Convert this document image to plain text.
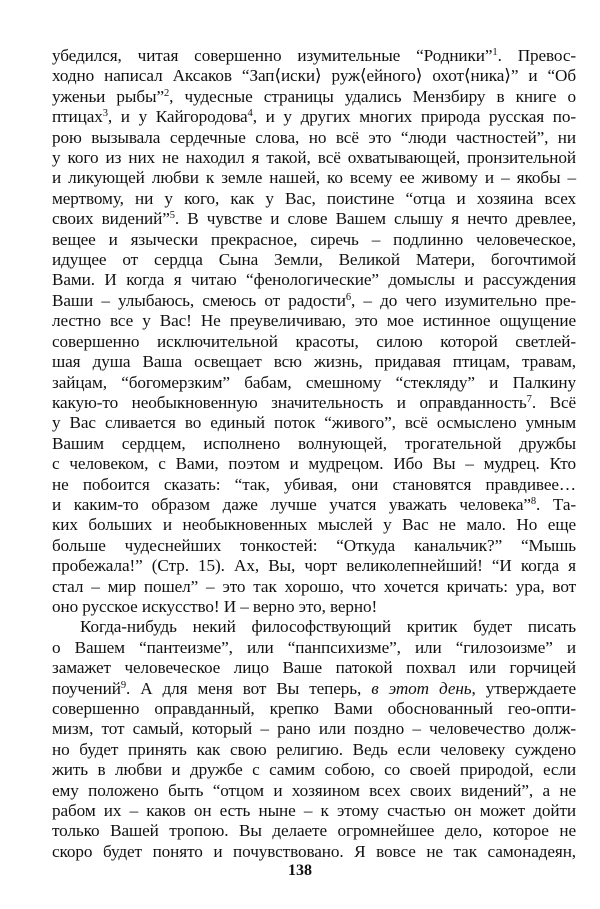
убедился, читая совершенно изумительные “Родники”$^1$. Превос-
ходно написал Аксаков “Зап⟨иски⟩ руж⟨ейного⟩ охот⟨ника⟩” и “Об
уженьи рыбы”$^2$, чудесные страницы удались Мензбиру в книге о
птицах$^3$, и у Кайгородова$^4$, и у других многих природа русская по-
рою вызывала сердечные слова, но всё это “люди частностей”, ни
у кого из них не находил я такой, всё охватывающей, пронзительной
и ликующей любви к земле нашей, ко всему ее живому и – якобы –
мертвому, ни у кого, как у Вас, поистине “отца и хозяина всех
своих видений”$^5$. В чувстве и слове Вашем слышу я нечто древлее,
вещее и язычески прекрасное, сиречь – подлинно человеческое,
идущее от сердца Сына Земли, Великой Матери, богочтимой
Вами. И когда я читаю “фенологические” домыслы и рассуждения
Ваши – улыбаюсь, смеюсь от радости$^6$, – до чего изумительно пре-
лестно все у Вас! Не преувеличиваю, это мое истинное ощущение
совершенно исключительной красоты, силою которой светлей-
шая душа Ваша освещает всю жизнь, придавая птицам, травам,
зайцам, “богомерзким” бабам, смешному “стекляду” и Палкину
какую-то необыкновенную значительность и оправданность$^7$. Всё
у Вас сливается во единый поток “живого”, всё осмыслено умным
Вашим сердцем, исполнено волнующей, трогательной дружбы
с человеком, с Вами, поэтом и мудрецом. Ибо Вы – мудрец. Кто
не побоится сказать: “так, убивая, они становятся правдивее…
и каким-то образом даже лучше учатся уважать человека”$^8$. Та-
ких больших и необыкновенных мыслей у Вас не мало. Но еще
больше чудеснейших тонкостей: “Откуда канальчик?” “Мышь
пробежала!” (Стр. 15). Ах, Вы, чорт великолепнейший! “И когда я
стал – мир пошел” – это так хорошо, что хочется кричать: ура, вот
оно русское искусство! И – верно это, верно!
Когда-нибудь некий философствующий критик будет писать
о Вашем “пантеизме”, или “панпсихизме”, или “гилозоизме” и
замажет человеческое лицо Ваше патокой похвал или горчицей
поучений$^9$. А для меня вот Вы теперь, в этот день, утверждаете
совершенно оправданный, крепко Вами обоснованный гео-опти-
мизм, тот самый, который – рано или поздно – человечество долж-
но будет принять как свою религию. Ведь если человеку суждено
жить в любви и дружбе с самим собою, со своей природой, если
ему положено быть “отцом и хозяином всех своих видений”, а не
рабом их – каков он есть ныне – к этому счастью он может дойти
только Вашей тропою. Вы делаете огромнейшее дело, которое не
скоро будет понято и почувствовано. Я вовсе не так самонадеян,
138
